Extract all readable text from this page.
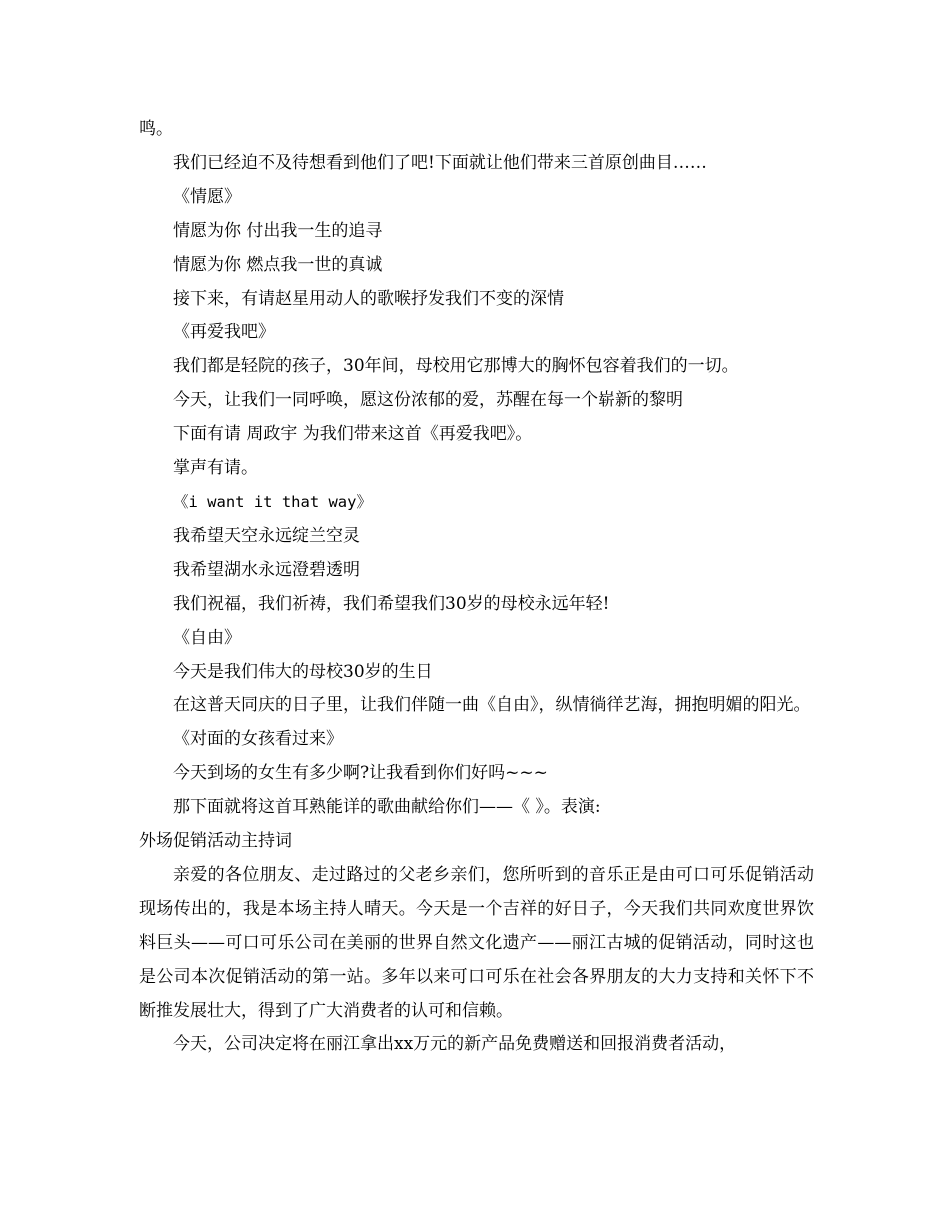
鸣。

我们已经迫不及待想看到他们了吧!下面就让他们带来三首原创曲目……

《情愿》

情愿为你 付出我一生的追寻

情愿为你 燃点我一世的真诚

接下来，有请赵星用动人的歌喉抒发我们不变的深情

《再爱我吧》

我们都是轻院的孩子，30年间，母校用它那博大的胸怀包容着我们的一切。

今天，让我们一同呼唤，愿这份浓郁的爱，苏醒在每一个崭新的黎明

下面有请 周政宇 为我们带来这首《再爱我吧》。

掌声有请。

《i want it that way》

我希望天空永远绽兰空灵

我希望湖水永远澄碧透明

我们祝福，我们祈祷，我们希望我们30岁的母校永远年轻!

《自由》

今天是我们伟大的母校30岁的生日

在这普天同庆的日子里，让我们伴随一曲《自由》，纵情徜徉艺海，拥抱明媚的阳光。

《对面的女孩看过来》

今天到场的女生有多少啊?让我看到你们好吗~~~

那下面就将这首耳熟能详的歌曲献给你们——《 》。表演:

外场促销活动主持词

亲爱的各位朋友、走过路过的父老乡亲们，您所听到的音乐正是由可口可乐促销活动现场传出的，我是本场主持人晴天。今天是一个吉祥的好日子，今天我们共同欢度世界饮料巨头——可口可乐公司在美丽的世界自然文化遗产——丽江古城的促销活动，同时这也是公司本次促销活动的第一站。多年以来可口可乐在社会各界朋友的大力支持和关怀下不断推发展壮大，得到了广大消费者的认可和信赖。

今天，公司决定将在丽江拿出xx万元的新产品免费赠送和回报消费者活动，
